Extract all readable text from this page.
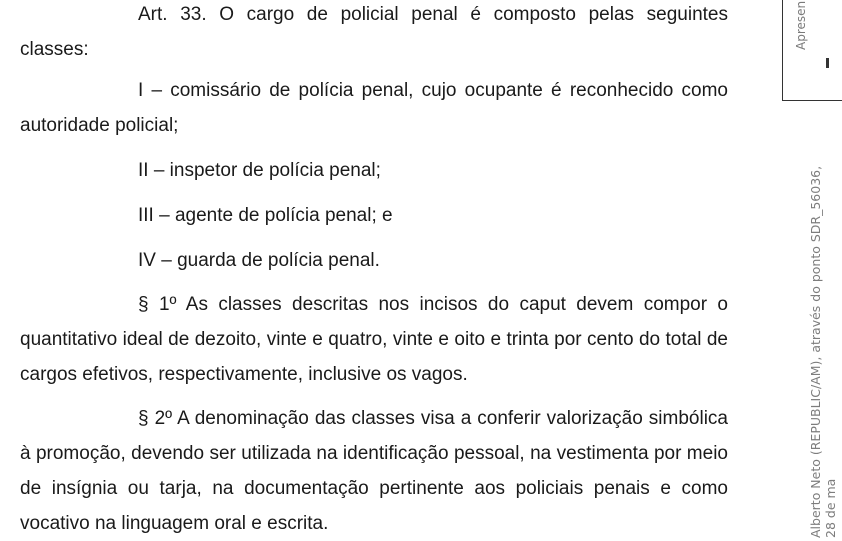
Art. 33. O cargo de policial penal é composto pelas seguintes classes:

I – comissário de polícia penal, cujo ocupante é reconhecido como autoridade policial;

II – inspetor de polícia penal;

III – agente de polícia penal; e

IV – guarda de polícia penal.

§ 1º As classes descritas nos incisos do caput devem compor o quantitativo ideal de dezoito, vinte e quatro, vinte e oito e trinta por cento do total de cargos efetivos, respectivamente, inclusive os vagos.

§ 2º A denominação das classes visa a conferir valorização simbólica à promoção, devendo ser utilizada na identificação pessoal, na vestimenta por meio de insígnia ou tarja, na documentação pertinente aos policiais penais e como vocativo na linguagem oral e escrita.

Apresen
Alberto Neto (REPUBLIC/AM), através do ponto SDR_56036, 28 de ma
